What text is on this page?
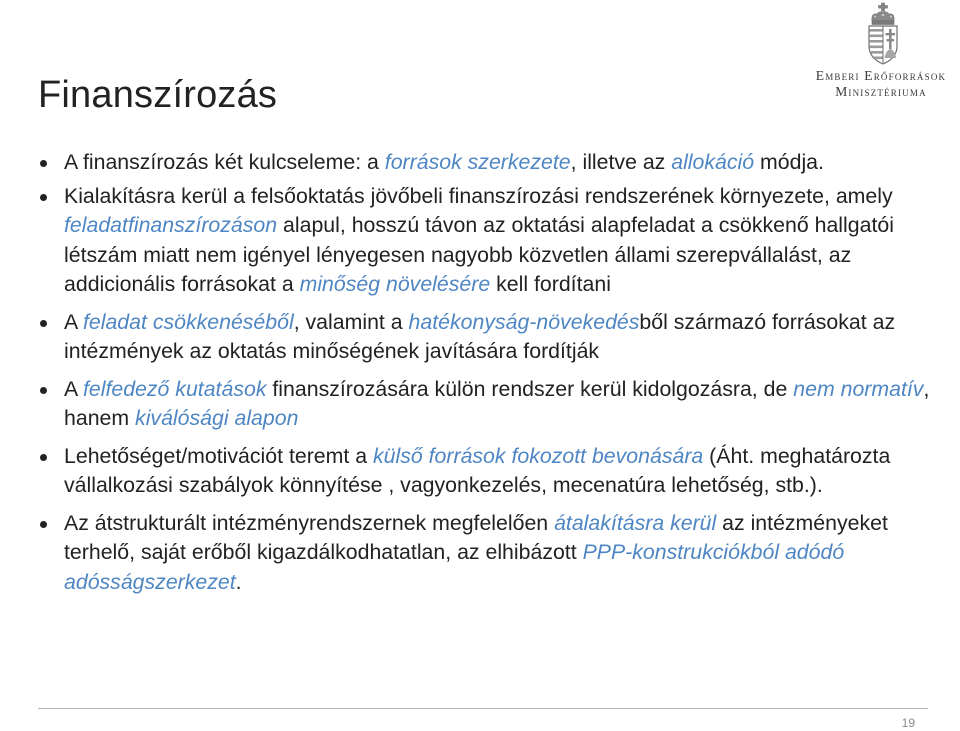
Finanszírozás	Emberi Erőforrások
Minisztériuma
A finanszírozás két kulcseleme: a források szerkezete, illetve az allokáció módja.
Kialakításra kerül a felsőoktatás jövőbeli finanszírozási rendszerének környezete, amely feladatfinanszírozáson alapul, hosszú távon az oktatási alapfeladat a csökkenő hallgatói létszám miatt nem igényel lényegesen nagyobb közvetlen állami szerepvállalást, az addicionális forrásokat a minőség növelésére kell fordítani
A feladat csökkenéséből, valamint a hatékonyság-növekedésből származó forrásokat az intézmények az oktatás minőségének javítására fordítják
A felfedező kutatások finanszírozására külön rendszer kerül kidolgozásra, de nem normatív, hanem kiválósági alapon
Lehetőséget/motivációt teremt a külső források fokozott bevonására (Áht. meghatározta vállalkozási szabályok könnyítése , vagyonkezelés, mecenatúra lehetőség, stb.).
Az átstrukturált intézményrendszernek megfelelően átalakításra kerül az intézményeket terhelő, saját erőből kigazdálkodhatatlan, az elhibázott PPP-konstrukciókból adódó adósságszerkezet.
19
